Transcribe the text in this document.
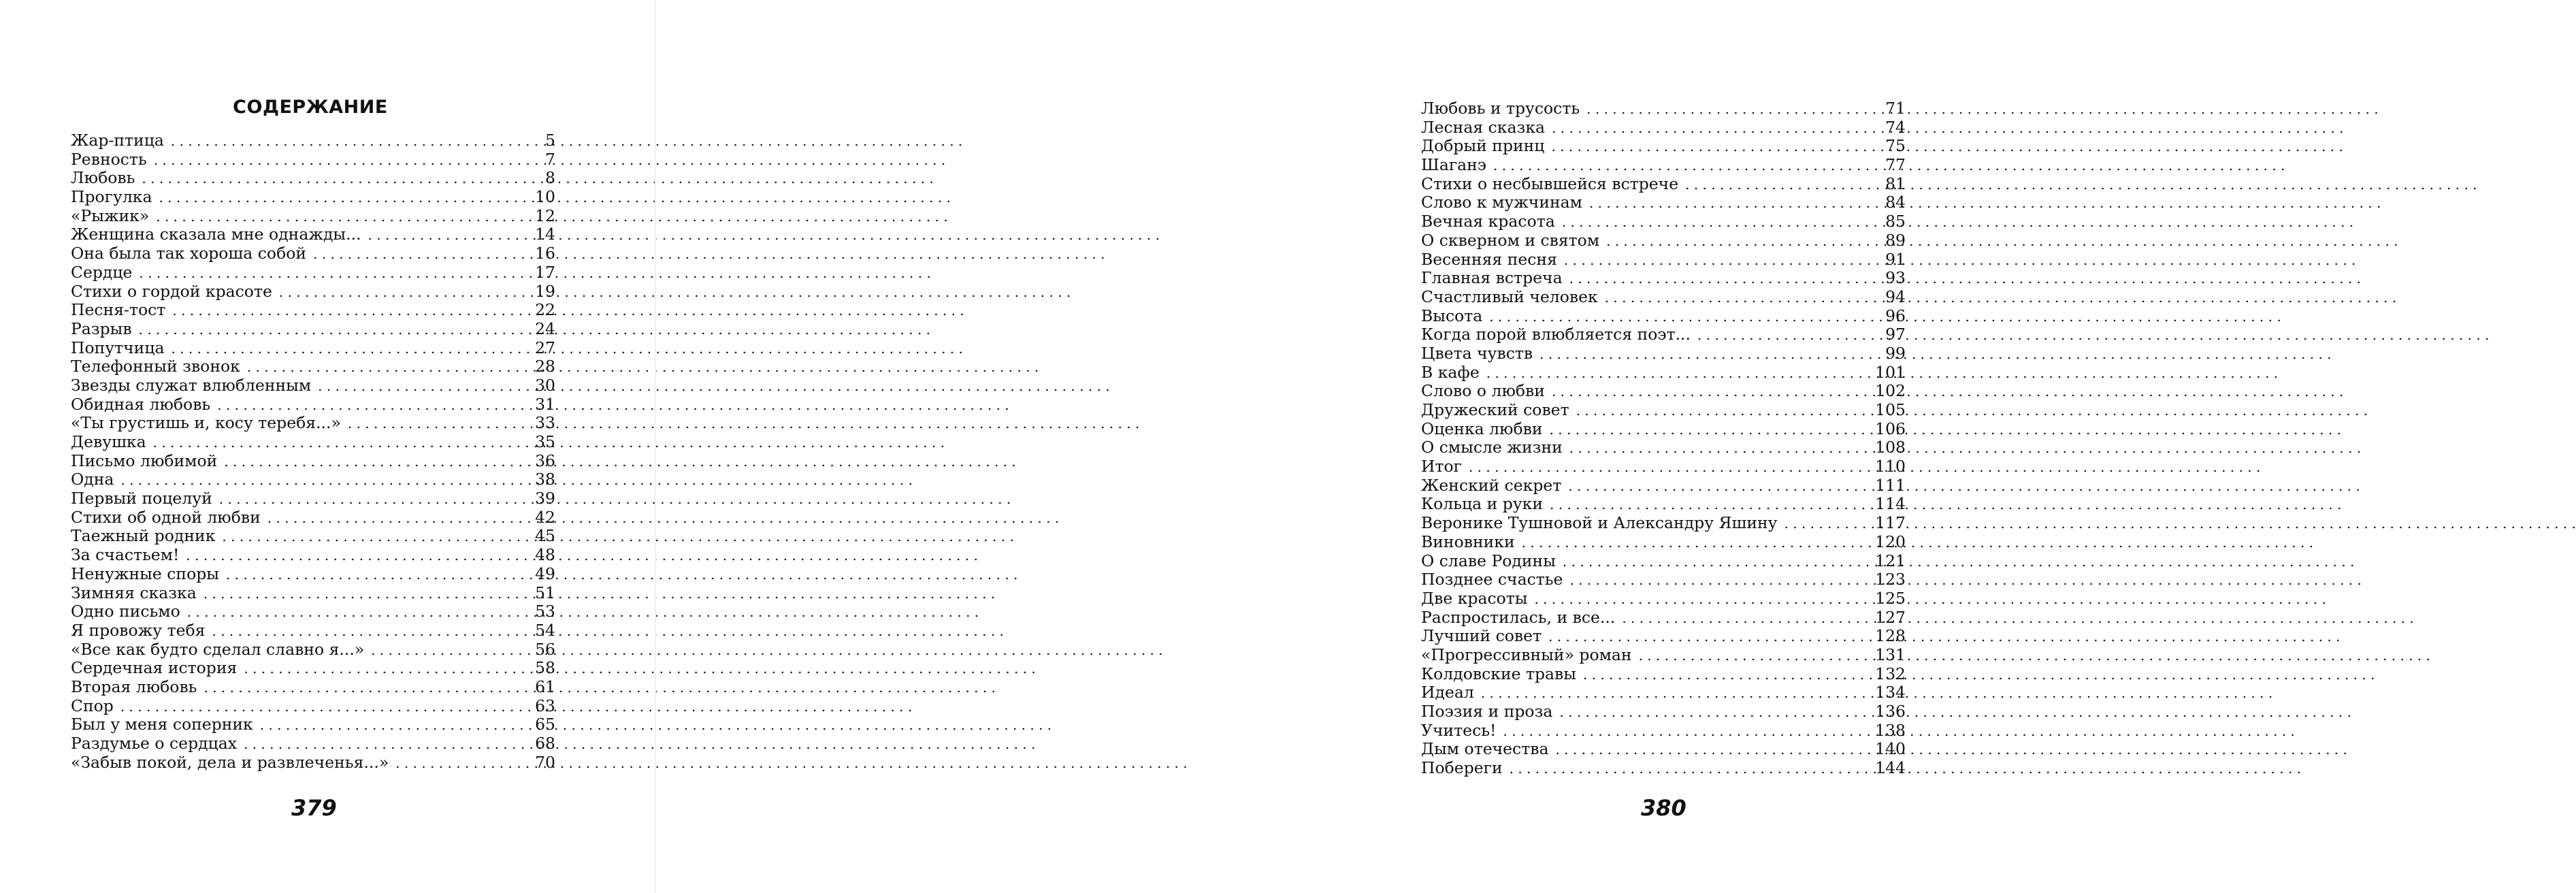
СОДЕРЖАНИЕ
Жар-птица . . .	5
Ревность . . .	7
Любовь . . .	8
Прогулка . . .	10
«Рыжик» . . .	12
Женщина сказала мне однажды... . . .	14
Она была так хороша собой . . .	16
Сердце . . .	17
Стихи о гордой красоте . . .	19
Песня-тост . . .	22
Разрыв . . .	24
Попутчица . . .	27
Телефонный звонок . . .	28
Звезды служат влюбленным . . .	30
Обидная любовь . . .	31
«Ты грустишь и, косу теребя...» . . .	33
Девушка . . .	35
Письмо любимой . . .	36
Одна . . .	38
Первый поцелуй . . .	39
Стихи об одной любви . . .	42
Таежный родник . . .	45
За счастьем! . . .	48
Ненужные споры . . .	49
Зимняя сказка . . .	51
Одно письмо . . .	53
Я провожу тебя . . .	54
«Все как будто сделал славно я...» . . .	56
Сердечная история . . .	58
Вторая любовь . . .	61
Спор . . .	63
Был у меня соперник . . .	65
Раздумье о сердцах . . .	68
«Забыв покой, дела и развлеченья...» . . .	70
379
Любовь и трусость . . .	71
Лесная сказка . . .	74
Добрый принц . . .	75
Шаганэ . . .	77
Стихи о несбывшейся встрече . . .	81
Слово к мужчинам . . .	84
Вечная красота . . .	85
О скверном и святом . . .	89
Весенняя песня . . .	91
Главная встреча . . .	93
Счастливый человек . . .	94
Высота . . .	96
Когда порой влюбляется поэт... . . .	97
Цвета чувств . . .	99
В кафе . . .	101
Слово о любви . . .	102
Дружеский совет . . .	105
Оценка любви . . .	106
О смысле жизни . . .	108
Итог . . .	110
Женский секрет . . .	111
Кольца и руки . . .	114
Веронике Тушновой и Александру Яшину . . .	117
Виновники . . .	120
О славе Родины . . .	121
Позднее счастье . . .	123
Две красоты . . .	125
Распростилась, и все... . . .	127
Лучший совет . . .	128
«Прогрессивный» роман . . .	131
Колдовские травы . . .	132
Идеал . . .	134
Поэзия и проза . . .	136
Учитесь! . . .	138
Дым отечества . . .	140
Побереги . . .	144
380
